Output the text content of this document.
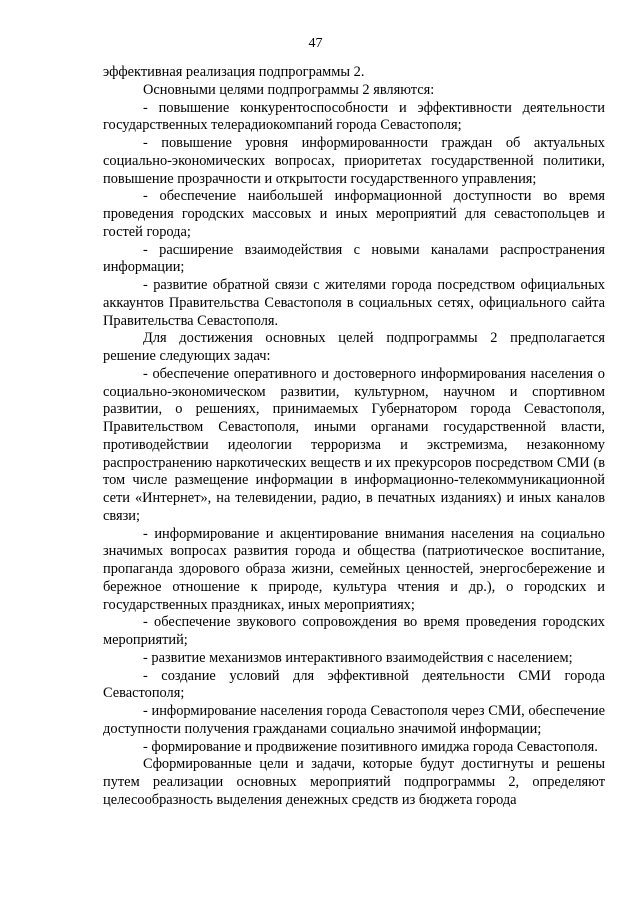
47

эффективная реализация подпрограммы 2.

Основными целями подпрограммы 2 являются:

- повышение конкурентоспособности и эффективности деятельности государственных телерадиокомпаний города Севастополя;

- повышение уровня информированности граждан об актуальных социально-экономических вопросах, приоритетах государственной политики, повышение прозрачности и открытости государственного управления;

- обеспечение наибольшей информационной доступности во время проведения городских массовых и иных мероприятий для севастопольцев и гостей города;

- расширение взаимодействия с новыми каналами распространения информации;

- развитие обратной связи с жителями города посредством официальных аккаунтов Правительства Севастополя в социальных сетях, официального сайта Правительства Севастополя.

Для достижения основных целей подпрограммы 2 предполагается решение следующих задач:

- обеспечение оперативного и достоверного информирования населения о социально-экономическом развитии, культурном, научном и спортивном развитии, о решениях, принимаемых Губернатором города Севастополя, Правительством Севастополя, иными органами государственной власти, противодействии идеологии терроризма и экстремизма, незаконному распространению наркотических веществ и их прекурсоров посредством СМИ (в том числе размещение информации в информационно-телекоммуникационной сети «Интернет», на телевидении, радио, в печатных изданиях) и иных каналов связи;

- информирование и акцентирование внимания населения на социально значимых вопросах развития города и общества (патриотическое воспитание, пропаганда здорового образа жизни, семейных ценностей, энергосбережение и бережное отношение к природе, культура чтения и др.), о городских и государственных праздниках, иных мероприятиях;

- обеспечение звукового сопровождения во время проведения городских мероприятий;

- развитие механизмов интерактивного взаимодействия с населением;

- создание условий для эффективной деятельности СМИ города Севастополя;

- информирование населения города Севастополя через СМИ, обеспечение доступности получения гражданами социально значимой информации;

- формирование и продвижение позитивного имиджа города Севастополя.

Сформированные цели и задачи, которые будут достигнуты и решены путем реализации основных мероприятий подпрограммы 2, определяют целесообразность выделения денежных средств из бюджета города
